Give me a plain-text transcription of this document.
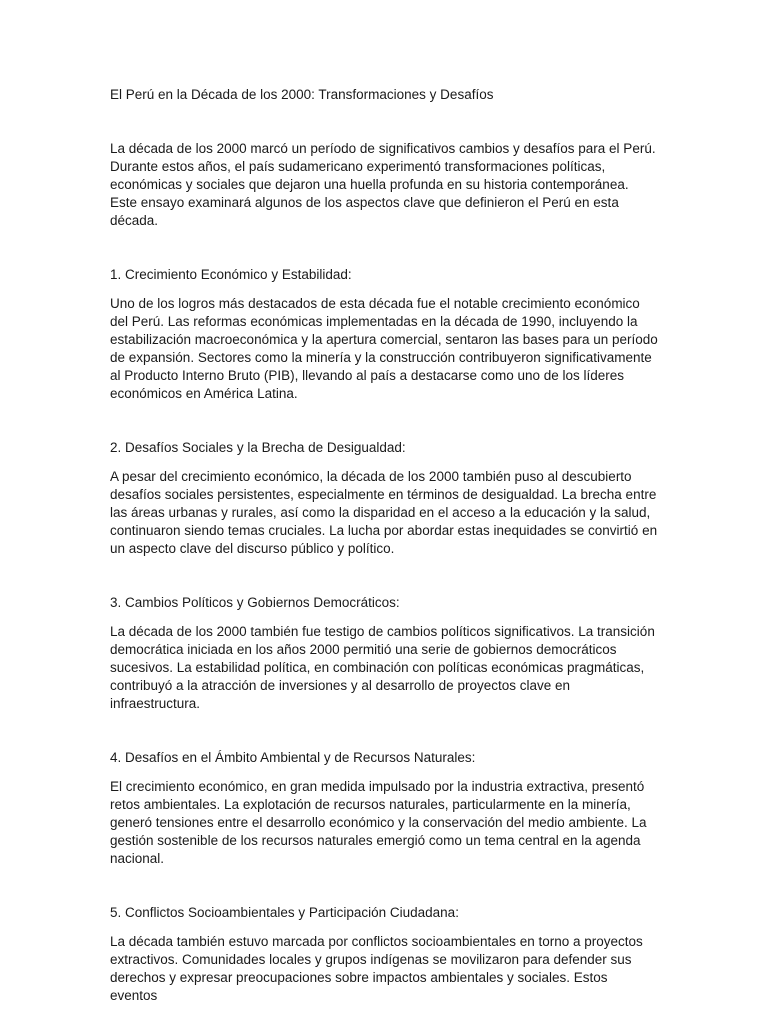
El Perú en la Década de los 2000: Transformaciones y Desafíos

La década de los 2000 marcó un período de significativos cambios y desafíos para el Perú. Durante estos años, el país sudamericano experimentó transformaciones políticas, económicas y sociales que dejaron una huella profunda en su historia contemporánea. Este ensayo examinará algunos de los aspectos clave que definieron el Perú en esta década.

1. Crecimiento Económico y Estabilidad:

Uno de los logros más destacados de esta década fue el notable crecimiento económico del Perú. Las reformas económicas implementadas en la década de 1990, incluyendo la estabilización macroeconómica y la apertura comercial, sentaron las bases para un período de expansión. Sectores como la minería y la construcción contribuyeron significativamente al Producto Interno Bruto (PIB), llevando al país a destacarse como uno de los líderes económicos en América Latina.

2. Desafíos Sociales y la Brecha de Desigualdad:

A pesar del crecimiento económico, la década de los 2000 también puso al descubierto desafíos sociales persistentes, especialmente en términos de desigualdad. La brecha entre las áreas urbanas y rurales, así como la disparidad en el acceso a la educación y la salud, continuaron siendo temas cruciales. La lucha por abordar estas inequidades se convirtió en un aspecto clave del discurso público y político.

3. Cambios Políticos y Gobiernos Democráticos:

La década de los 2000 también fue testigo de cambios políticos significativos. La transición democrática iniciada en los años 2000 permitió una serie de gobiernos democráticos sucesivos. La estabilidad política, en combinación con políticas económicas pragmáticas, contribuyó a la atracción de inversiones y al desarrollo de proyectos clave en infraestructura.

4. Desafíos en el Ámbito Ambiental y de Recursos Naturales:

El crecimiento económico, en gran medida impulsado por la industria extractiva, presentó retos ambientales. La explotación de recursos naturales, particularmente en la minería, generó tensiones entre el desarrollo económico y la conservación del medio ambiente. La gestión sostenible de los recursos naturales emergió como un tema central en la agenda nacional.

5. Conflictos Socioambientales y Participación Ciudadana:

La década también estuvo marcada por conflictos socioambientales en torno a proyectos extractivos. Comunidades locales y grupos indígenas se movilizaron para defender sus derechos y expresar preocupaciones sobre impactos ambientales y sociales. Estos eventos
